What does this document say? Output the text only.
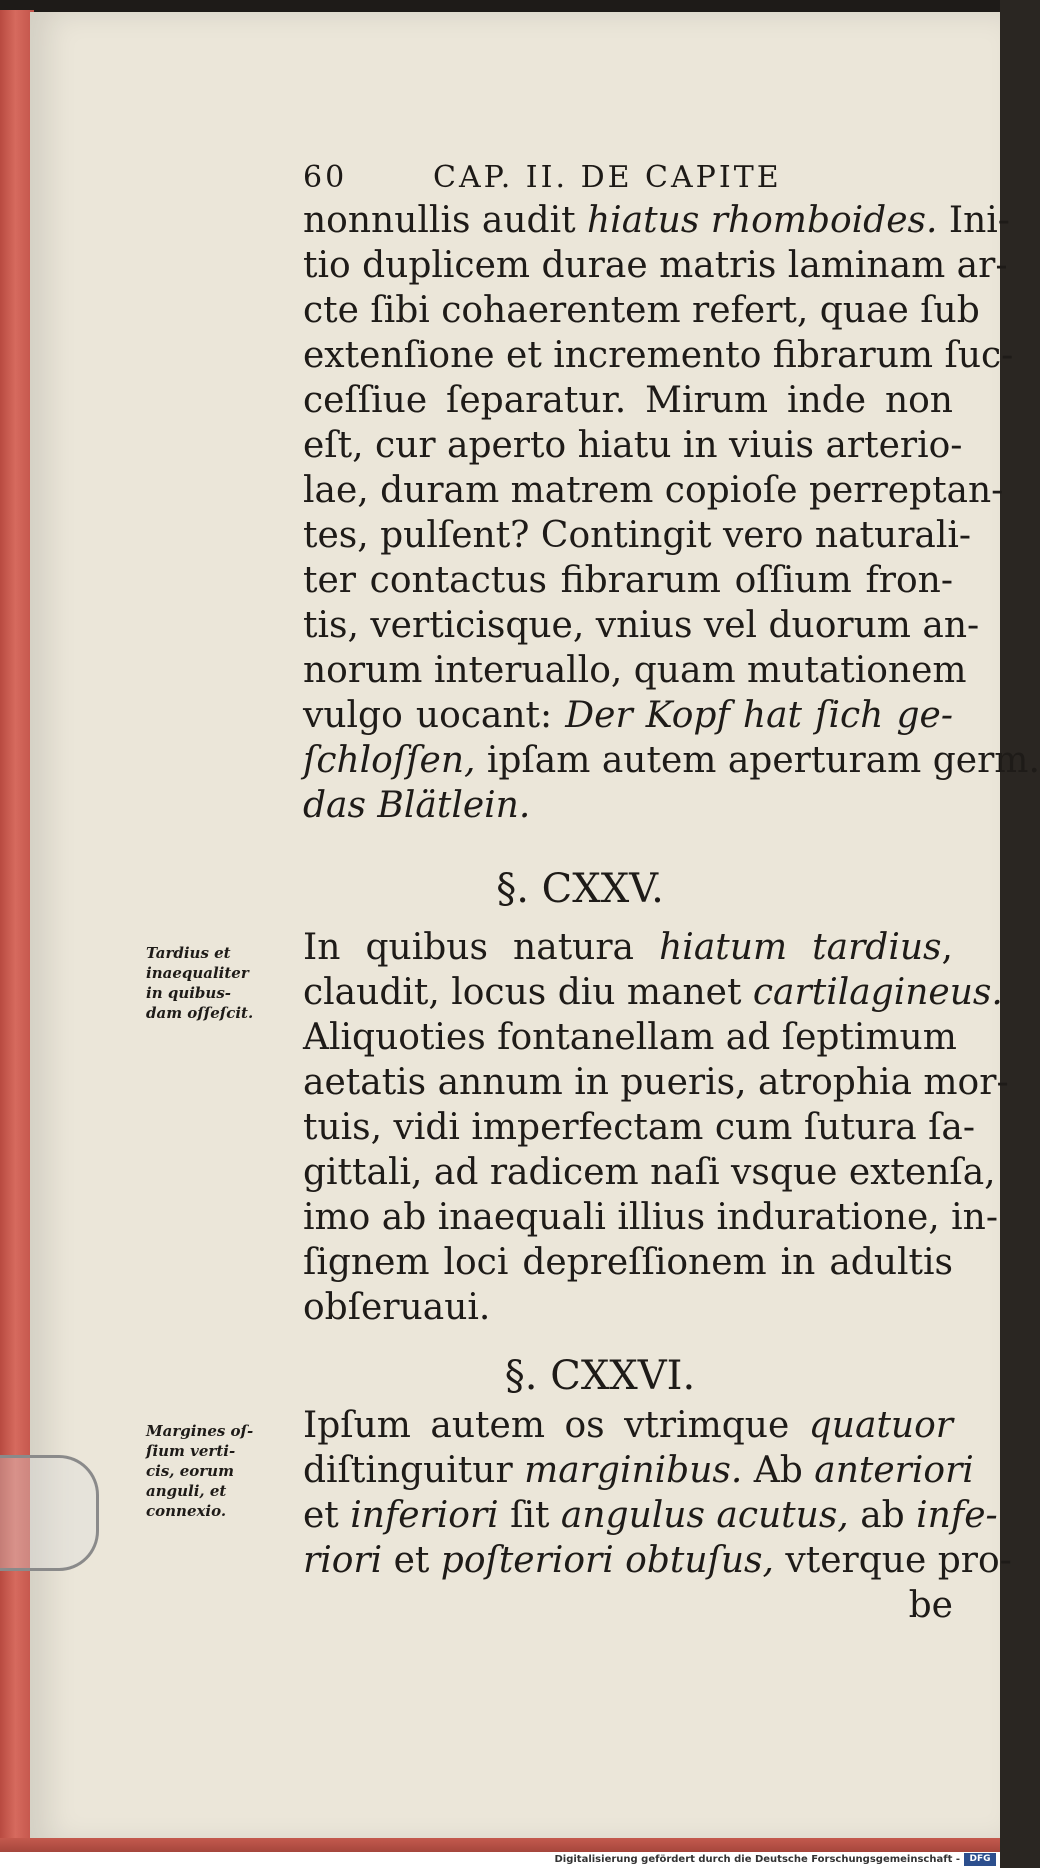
60	CAP. II. DE CAPITE
nonnullis audit hiatus rhomboides. Ini-
tio duplicem durae matris laminam ar-
cte ſibi cohaerentem refert, quae ſub
extenſione et incremento fibrarum ſuc-
ceſſiue ſeparatur. Mirum inde non
eſt, cur aperto hiatu in viuis arterio-
lae, duram matrem copioſe perreptan-
tes, pulſent? Contingit vero naturali-
ter contactus fibrarum oſſium fron-
tis, verticisque, vnius vel duorum an-
norum interuallo, quam mutationem
vulgo uocant: Der Kopf hat ſich ge-
ſchloſſen, ipſam autem aperturam germ.
das Blätlein.
§. CXXV.
Tardius et
inaequaliter
in quibus-
dam oſſeſcit.
In quibus natura hiatum tardius,
claudit, locus diu manet cartilagineus.
Aliquoties fontanellam ad ſeptimum
aetatis annum in pueris, atrophia mor-
tuis, vidi imperfectam cum ſutura ſa-
gittali, ad radicem naſi vsque extenſa,
imo ab inaequali illius induratione, in-
ſignem loci depreſſionem in adultis
obſeruaui.
§. CXXVI.
Margines oſ-
ſium verti-
cis, eorum
anguli, et
connexio.
Ipſum autem os vtrimque quatuor
diſtinguitur marginibus. Ab anteriori
et inferiori ſit angulus acutus, ab infe-
riori et poſteriori obtuſus, vterque pro-
be
Digitalisierung gefördert durch die Deutsche Forschungsgemeinschaft -	DFG
